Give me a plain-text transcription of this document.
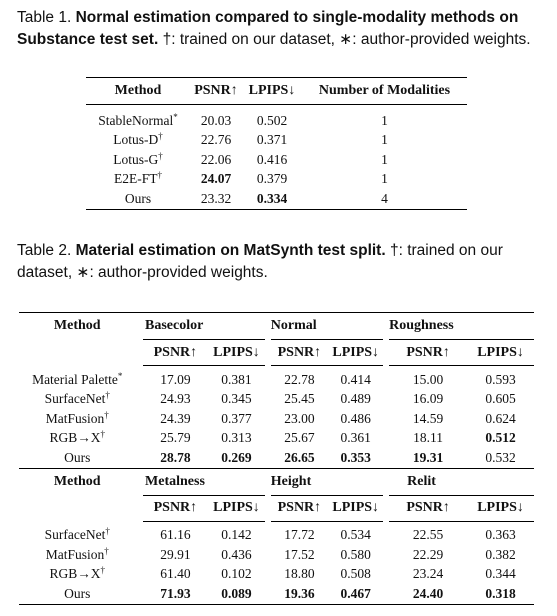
Table 1. Normal estimation compared to single-modality methods on Substance test set. †: trained on our dataset, ∗: author-provided weights.
Method	PSNR↑	LPIPS↓	Number of Modalities

StableNormal*	20.03	0.502	1
Lotus-D†	22.76	0.371	1
Lotus-G†	22.06	0.416	1
E2E-FT†	24.07	0.379	1
Ours	23.32	0.334	4
Table 2. Material estimation on MatSynth test split. †: trained on our dataset, ∗: author-provided weights.
Method		Basecolor			Normal			Roughness	
		PSNR↑	LPIPS↓		PSNR↑	LPIPS↓		PSNR↑	LPIPS↓

Material Palette*		17.09	0.381		22.78	0.414		15.00	0.593
SurfaceNet†		24.93	0.345		25.45	0.489		16.09	0.605
MatFusion†		24.39	0.377		23.00	0.486		14.59	0.624
RGB→X†		25.79	0.313		25.67	0.361		18.11	0.512
Ours		28.78	0.269		26.65	0.353		19.31	0.532
Method		Metalness			Height			Relit	
		PSNR↑	LPIPS↓		PSNR↑	LPIPS↓		PSNR↑	LPIPS↓

SurfaceNet†		61.16	0.142		17.72	0.534		22.55	0.363
MatFusion†		29.91	0.436		17.52	0.580		22.29	0.382
RGB→X†		61.40	0.102		18.80	0.508		23.24	0.344
Ours		71.93	0.089		19.36	0.467		24.40	0.318
